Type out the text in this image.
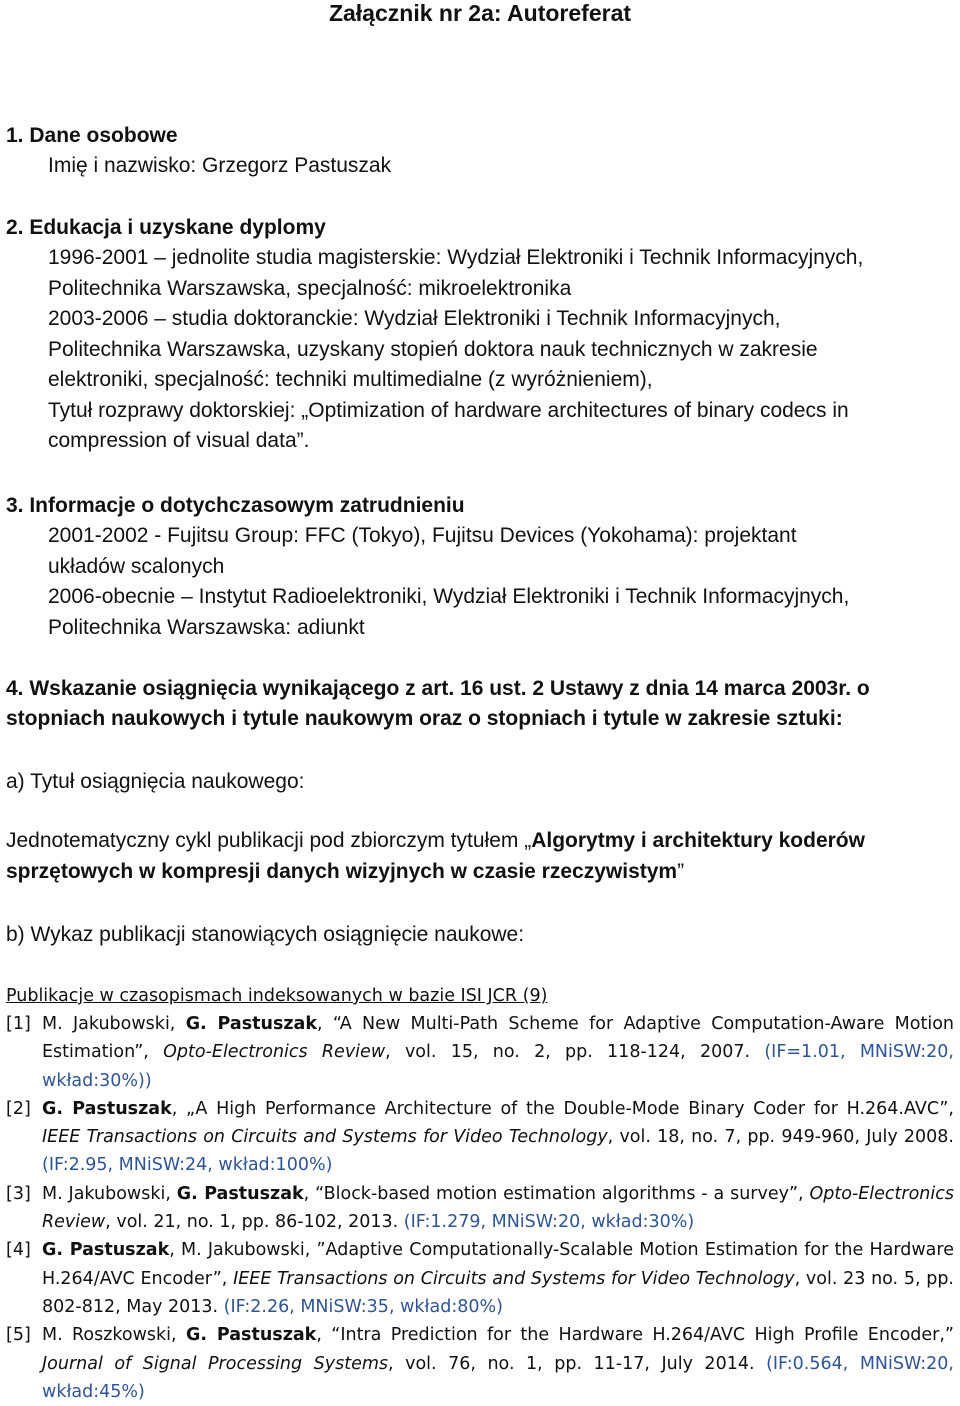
Załącznik nr 2a: Autoreferat
1. Dane osobowe
Imię i nazwisko: Grzegorz Pastuszak
2. Edukacja i uzyskane dyplomy
1996-2001 – jednolite studia magisterskie: Wydział Elektroniki i Technik Informacyjnych,
Politechnika Warszawska, specjalność: mikroelektronika
2003-2006 – studia doktoranckie: Wydział Elektroniki i Technik Informacyjnych,
Politechnika Warszawska, uzyskany stopień doktora nauk technicznych w zakresie
elektroniki, specjalność: techniki multimedialne (z wyróżnieniem),
Tytuł rozprawy doktorskiej: „Optimization of hardware architectures of binary codecs in
compression of visual data”.
3. Informacje o dotychczasowym zatrudnieniu
2001-2002 - Fujitsu Group: FFC (Tokyo), Fujitsu Devices (Yokohama): projektant
układów scalonych
2006-obecnie – Instytut Radioelektroniki, Wydział Elektroniki i Technik Informacyjnych,
Politechnika Warszawska: adiunkt
4. Wskazanie osiągnięcia wynikającego z art. 16 ust. 2 Ustawy z dnia 14 marca 2003r. o
stopniach naukowych i tytule naukowym oraz o stopniach i tytule w zakresie sztuki:
a) Tytuł osiągnięcia naukowego:
Jednotematyczny cykl publikacji pod zbiorczym tytułem „Algorytmy i architektury koderów
sprzętowych w kompresji danych wizyjnych w czasie rzeczywistym”
b) Wykaz publikacji stanowiących osiągnięcie naukowe:
Publikacje w czasopismach indeksowanych w bazie ISI JCR (9)
[1] M. Jakubowski, G. Pastuszak, “A New Multi-Path Scheme for Adaptive Computation-Aware Motion Estimation”, Opto-Electronics Review, vol. 15, no. 2, pp. 118-124, 2007. (IF=1.01, MNiSW:20, wkład:30%))
[2] G. Pastuszak, „A High Performance Architecture of the Double-Mode Binary Coder for H.264.AVC”, IEEE Transactions on Circuits and Systems for Video Technology, vol. 18, no. 7, pp. 949-960, July 2008. (IF:2.95, MNiSW:24, wkład:100%)
[3] M. Jakubowski, G. Pastuszak, “Block-based motion estimation algorithms - a survey”, Opto-Electronics Review, vol. 21, no. 1, pp. 86-102, 2013. (IF:1.279, MNiSW:20, wkład:30%)
[4] G. Pastuszak, M. Jakubowski, ”Adaptive Computationally-Scalable Motion Estimation for the Hardware H.264/AVC Encoder”, IEEE Transactions on Circuits and Systems for Video Technology, vol. 23 no. 5, pp. 802-812, May 2013. (IF:2.26, MNiSW:35, wkład:80%)
[5] M. Roszkowski, G. Pastuszak, “Intra Prediction for the Hardware H.264/AVC High Profile Encoder,” Journal of Signal Processing Systems, vol. 76, no. 1, pp. 11-17, July 2014. (IF:0.564, MNiSW:20, wkład:45%)
